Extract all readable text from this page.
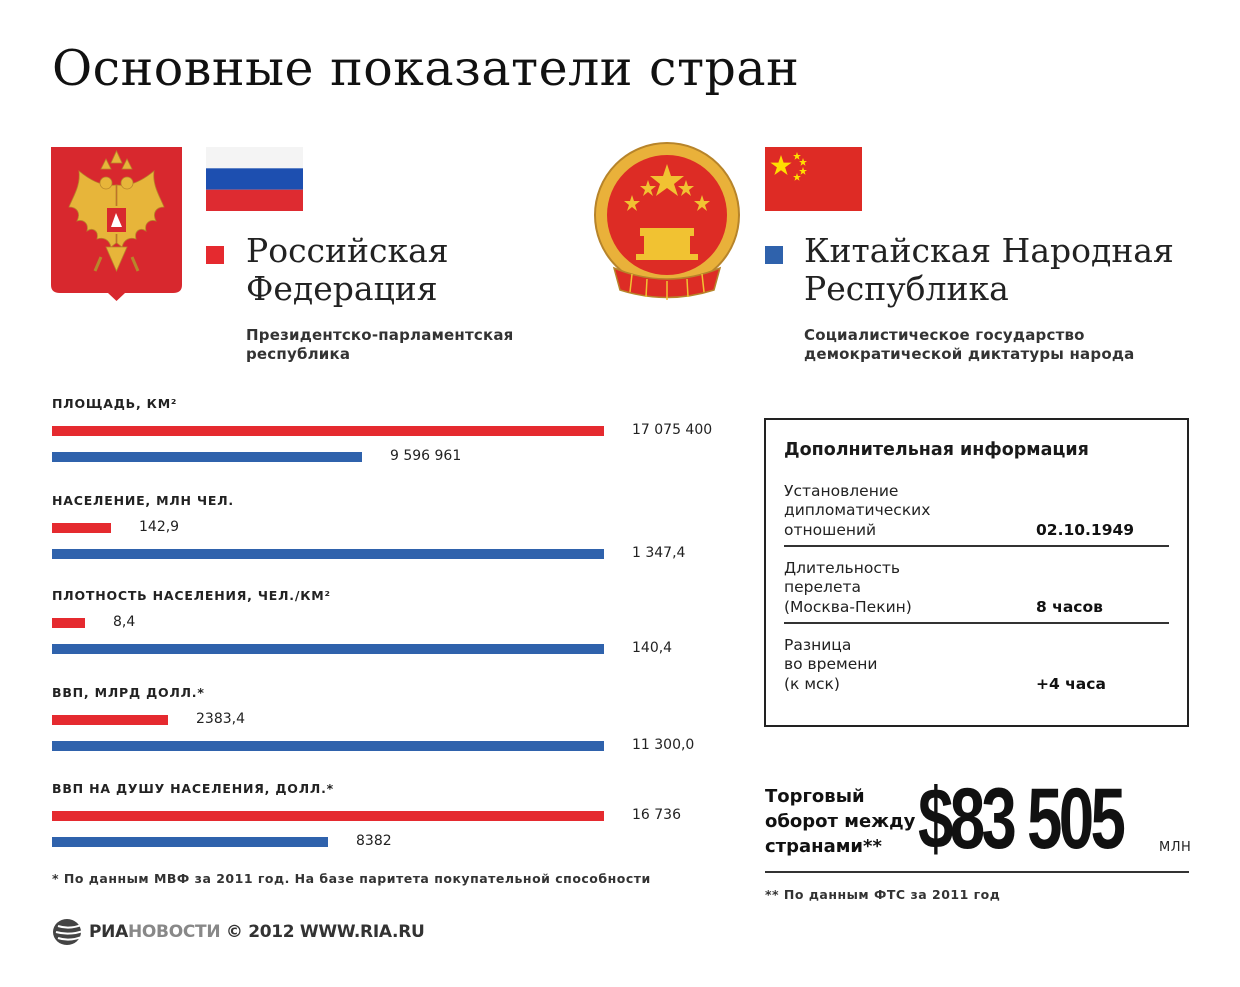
Основные показатели стран
Российская
Федерация
Президентско-парламентская
республика
Китайская Народная
Республика
Социалистическое государство
демократической диктатуры народа
ПЛОЩАДЬ, КМ²
17 075 400
9 596 961
НАСЕЛЕНИЕ, МЛН ЧЕЛ.
142,9
1 347,4
ПЛОТНОСТЬ НАСЕЛЕНИЯ, ЧЕЛ./КМ²
8,4
140,4
ВВП, МЛРД ДОЛЛ.*
2383,4
11 300,0
ВВП НА ДУШУ НАСЕЛЕНИЯ, ДОЛЛ.*
16 736
8382
* По данным МВФ за 2011 год. На базе паритета покупательной способности
Дополнительная информация
Установление
дипломатических
отношений	02.10.1949
Длительность
перелета
(Москва-Пекин)	8 часов
Разница
во времени
(к мск)	+4 часа
Торговый
оборот между
странами** $83 505	МЛН
** По данным ФТС за 2011 год
РИАНОВОСТИ © 2012 WWW.RIA.RU
